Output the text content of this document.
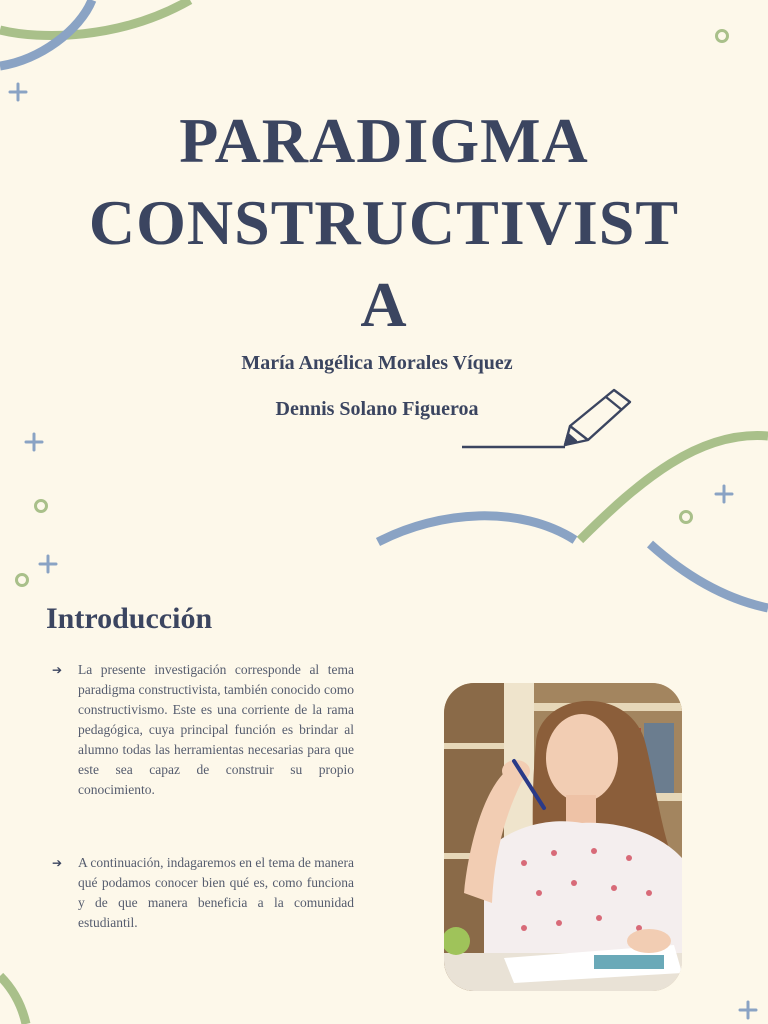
PARADIGMA
CONSTRUCTIVIST
A
María Angélica Morales Víquez
Dennis Solano Figueroa
Introducción
➔ La presente investigación corresponde al tema paradigma constructivista, también conocido como constructivismo. Este es una corriente de la rama pedagógica, cuya principal función es brindar al alumno todas las herramientas necesarias para que este sea capaz de construir su propio conocimiento.
➔ A continuación, indagaremos en el tema de manera qué podamos conocer bien qué es, como funciona y de que manera beneficia a la comunidad estudiantil.
